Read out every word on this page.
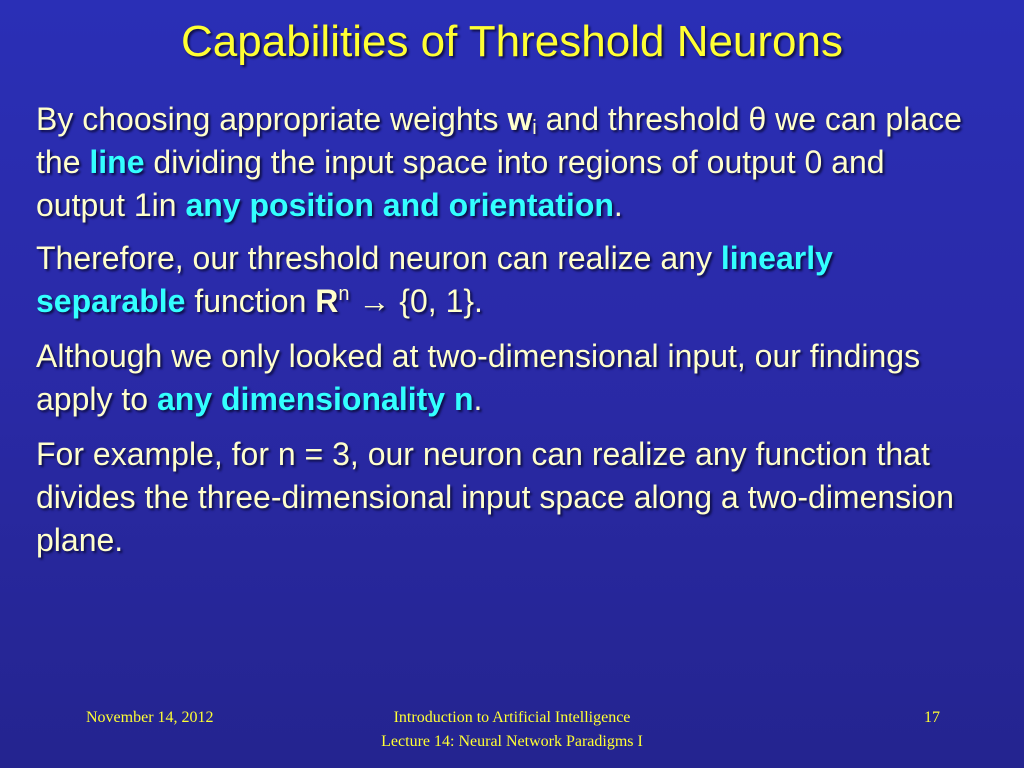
Capabilities of Threshold Neurons

By choosing appropriate weights $w_i$ and threshold θ we can place the line dividing the input space into regions of output 0 and output 1in any position and orientation.

Therefore, our threshold neuron can realize any linearly separable function $R^n \to \{0$, 1}.

Although we only looked at two-dimensional input, our findings apply to any dimensionality n.

For example, for n = 3, our neuron can realize any function that divides the three-dimensional input space along a two-dimension plane.

November 14, 2012	Introduction to Artificial Intelligence
Lecture 14: Neural Network Paradigms I
17
